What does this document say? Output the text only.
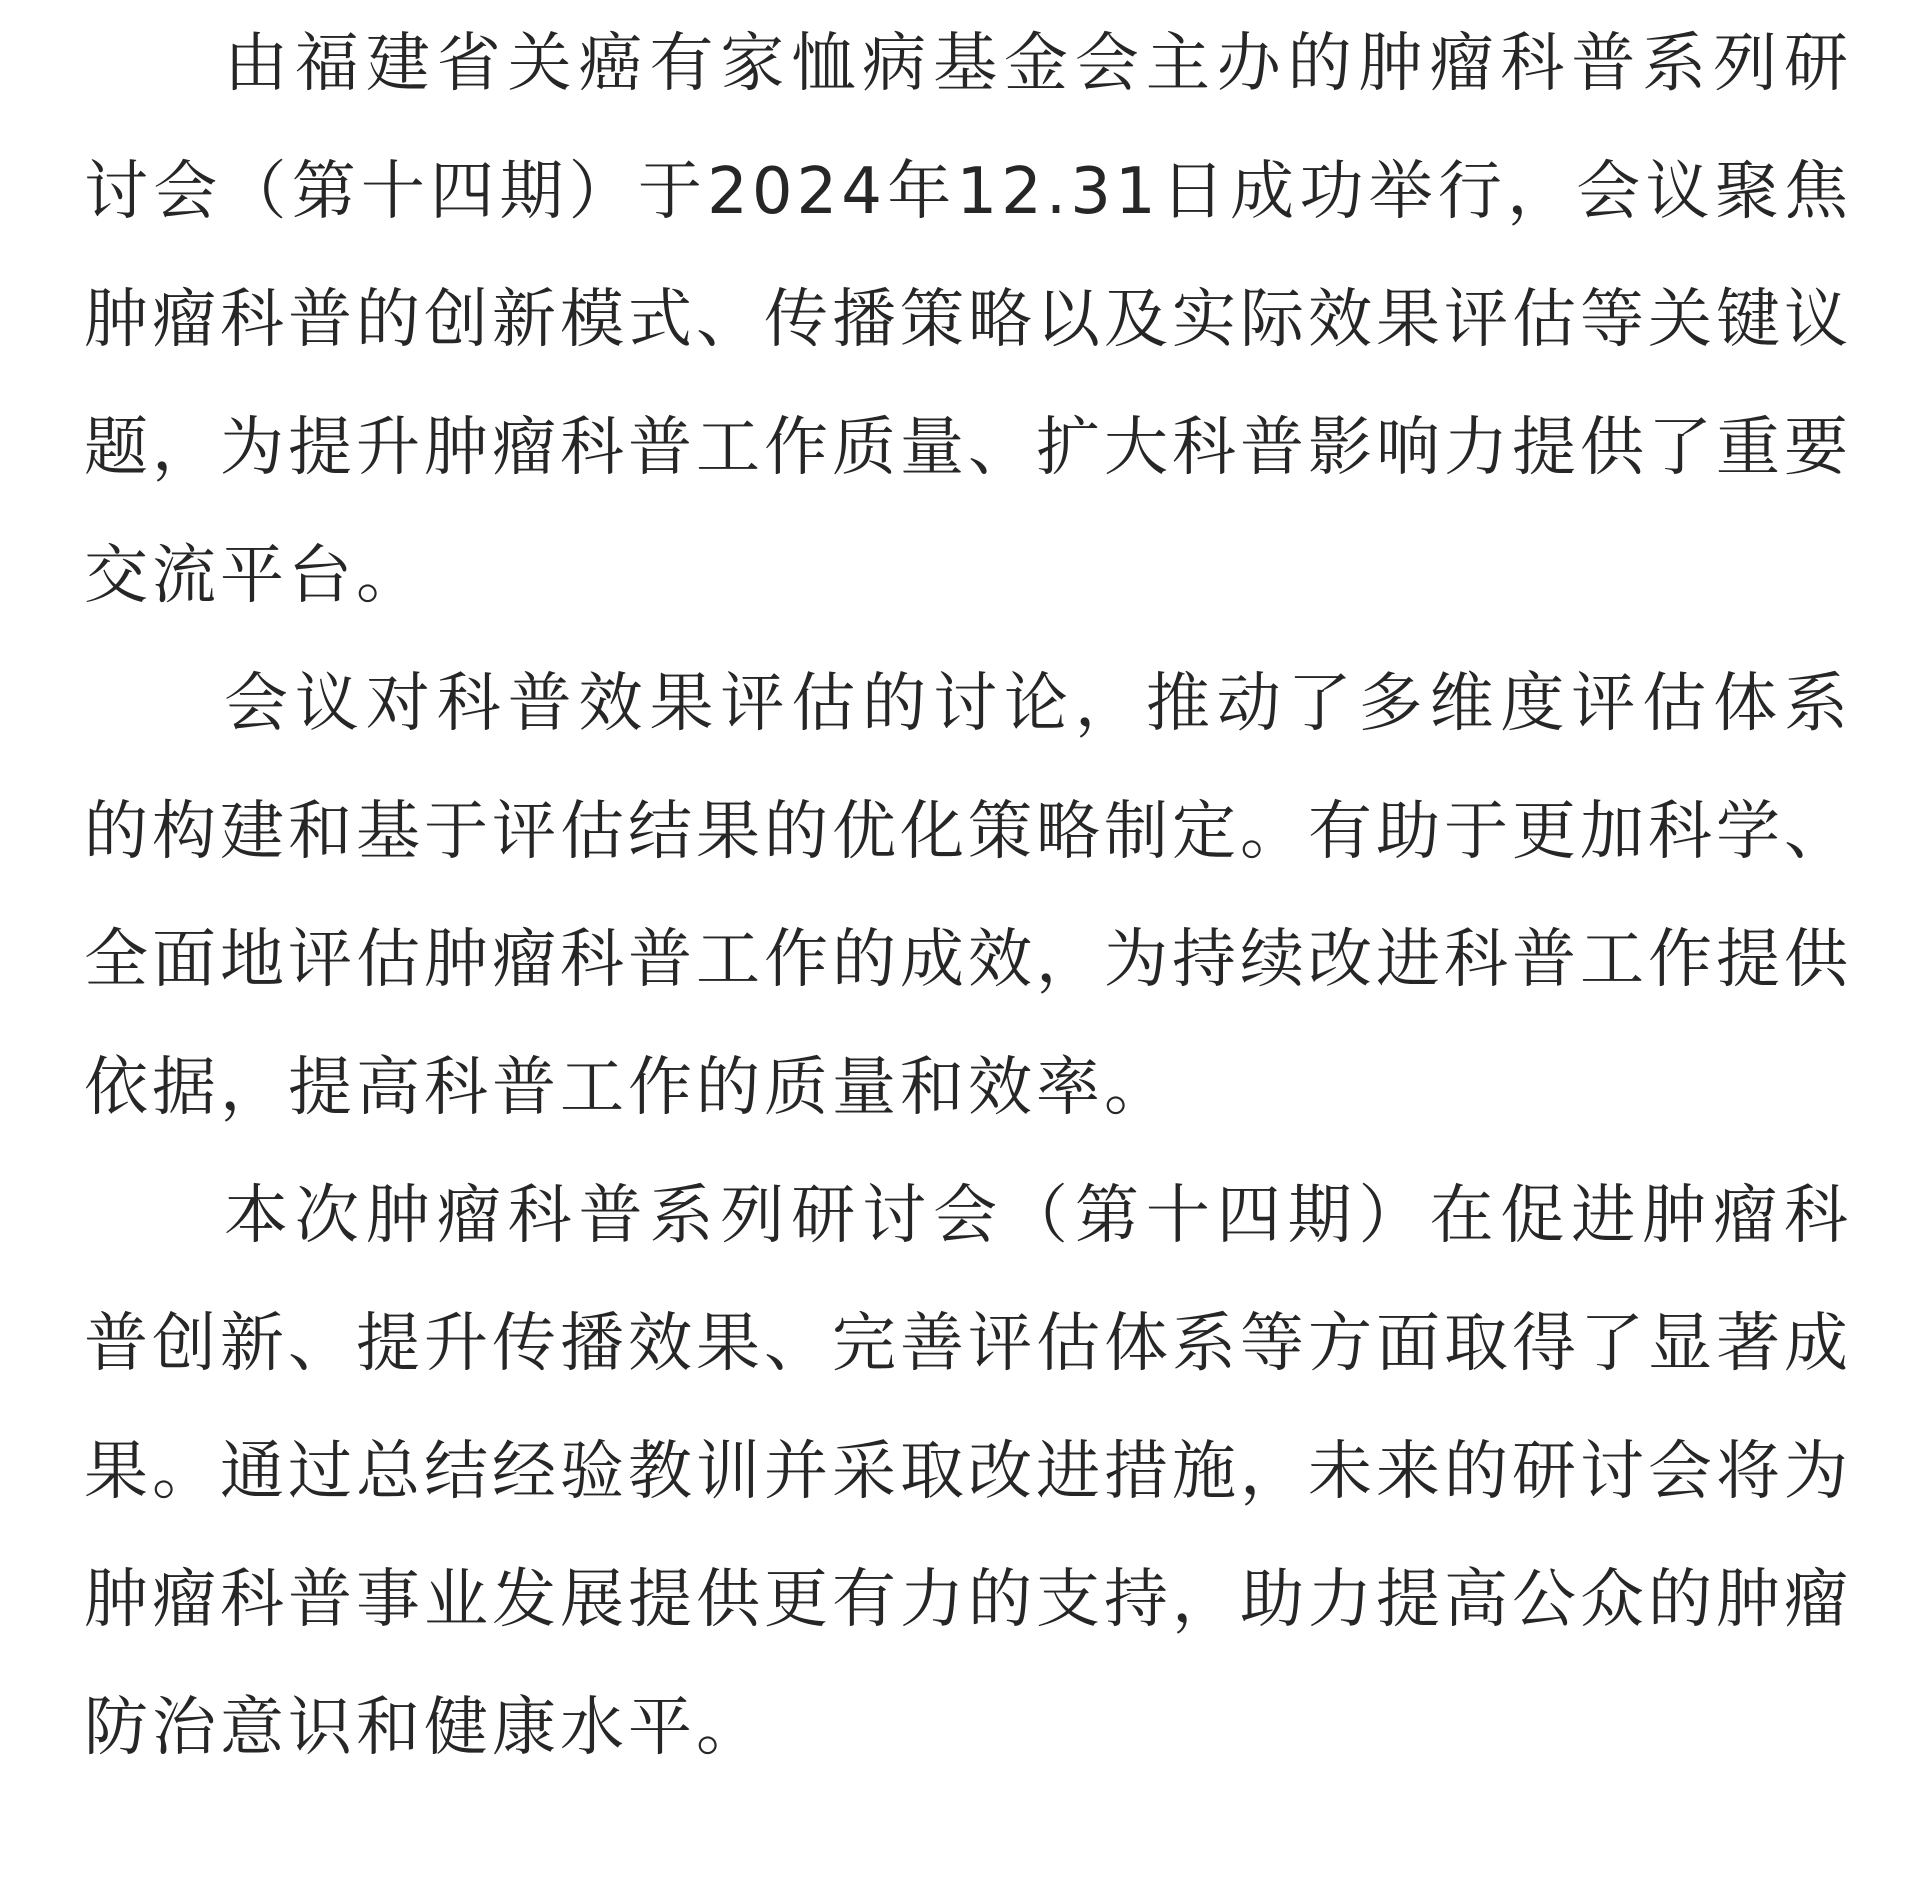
由福建省关癌有家恤病基金会主办的肿瘤科普系列研讨会（第十四期）于2024年12.31日成功举行，会议聚焦肿瘤科普的创新模式、传播策略以及实际效果评估等关键议题，为提升肿瘤科普工作质量、扩大科普影响力提供了重要交流平台。

会议对科普效果评估的讨论，推动了多维度评估体系的构建和基于评估结果的优化策略制定。有助于更加科学、全面地评估肿瘤科普工作的成效，为持续改进科普工作提供依据，提高科普工作的质量和效率。

本次肿瘤科普系列研讨会（第十四期）在促进肿瘤科普创新、提升传播效果、完善评估体系等方面取得了显著成果。通过总结经验教训并采取改进措施，未来的研讨会将为肿瘤科普事业发展提供更有力的支持，助力提高公众的肿瘤防治意识和健康水平。
